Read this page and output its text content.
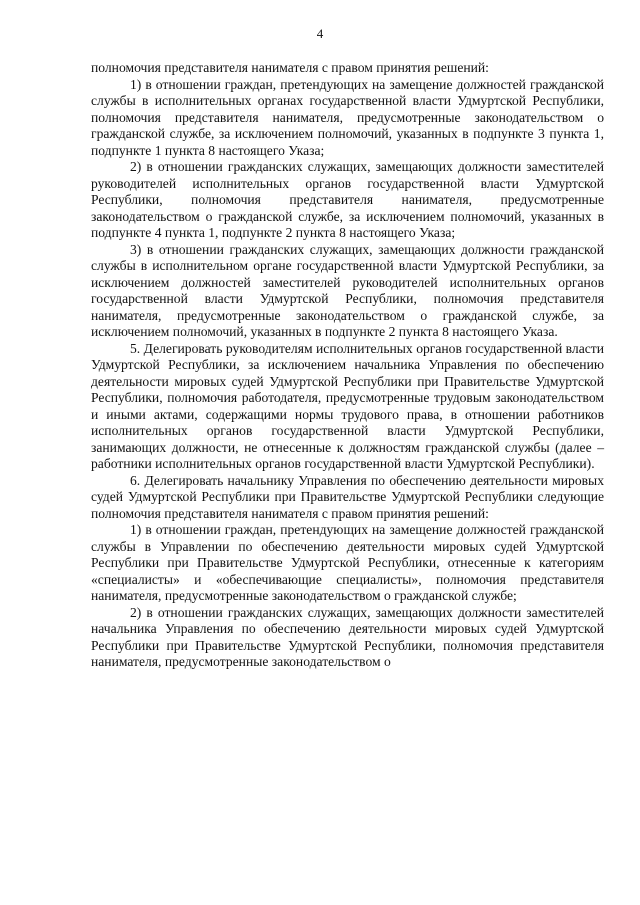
4

полномочия представителя нанимателя с правом принятия решений:

1) в отношении граждан, претендующих на замещение должностей гражданской службы в исполнительных органах государственной власти Удмуртской Республики, полномочия представителя нанимателя, предусмотренные законодательством о гражданской службе, за исключением полномочий, указанных в подпункте 3 пункта 1, подпункте 1 пункта 8 настоящего Указа;

2) в отношении гражданских служащих, замещающих должности заместителей руководителей исполнительных органов государственной власти Удмуртской Республики, полномочия представителя нанимателя, предусмотренные законодательством о гражданской службе, за исключением полномочий, указанных в подпункте 4 пункта 1, подпункте 2 пункта 8 настоящего Указа;

3) в отношении гражданских служащих, замещающих должности гражданской службы в исполнительном органе государственной власти Удмуртской Республики, за исключением должностей заместителей руководителей исполнительных органов государственной власти Удмуртской Республики, полномочия представителя нанимателя, предусмотренные законодательством о гражданской службе, за исключением полномочий, указанных в подпункте 2 пункта 8 настоящего Указа.

5. Делегировать руководителям исполнительных органов государственной власти Удмуртской Республики, за исключением начальника Управления по обеспечению деятельности мировых судей Удмуртской Республики при Правительстве Удмуртской Республики, полномочия работодателя, предусмотренные трудовым законодательством и иными актами, содержащими нормы трудового права, в отношении работников исполнительных органов государственной власти Удмуртской Республики, занимающих должности, не отнесенные к должностям гражданской службы (далее – работники исполнительных органов государственной власти Удмуртской Республики).

6. Делегировать начальнику Управления по обеспечению деятельности мировых судей Удмуртской Республики при Правительстве Удмуртской Республики следующие полномочия представителя нанимателя с правом принятия решений:

1) в отношении граждан, претендующих на замещение должностей гражданской службы в Управлении по обеспечению деятельности мировых судей Удмуртской Республики при Правительстве Удмуртской Республики, отнесенные к категориям «специалисты» и «обеспечивающие специалисты», полномочия представителя нанимателя, предусмотренные законодательством о гражданской службе;

2) в отношении гражданских служащих, замещающих должности заместителей начальника Управления по обеспечению деятельности мировых судей Удмуртской Республики при Правительстве Удмуртской Республики, полномочия представителя нанимателя, предусмотренные законодательством о
